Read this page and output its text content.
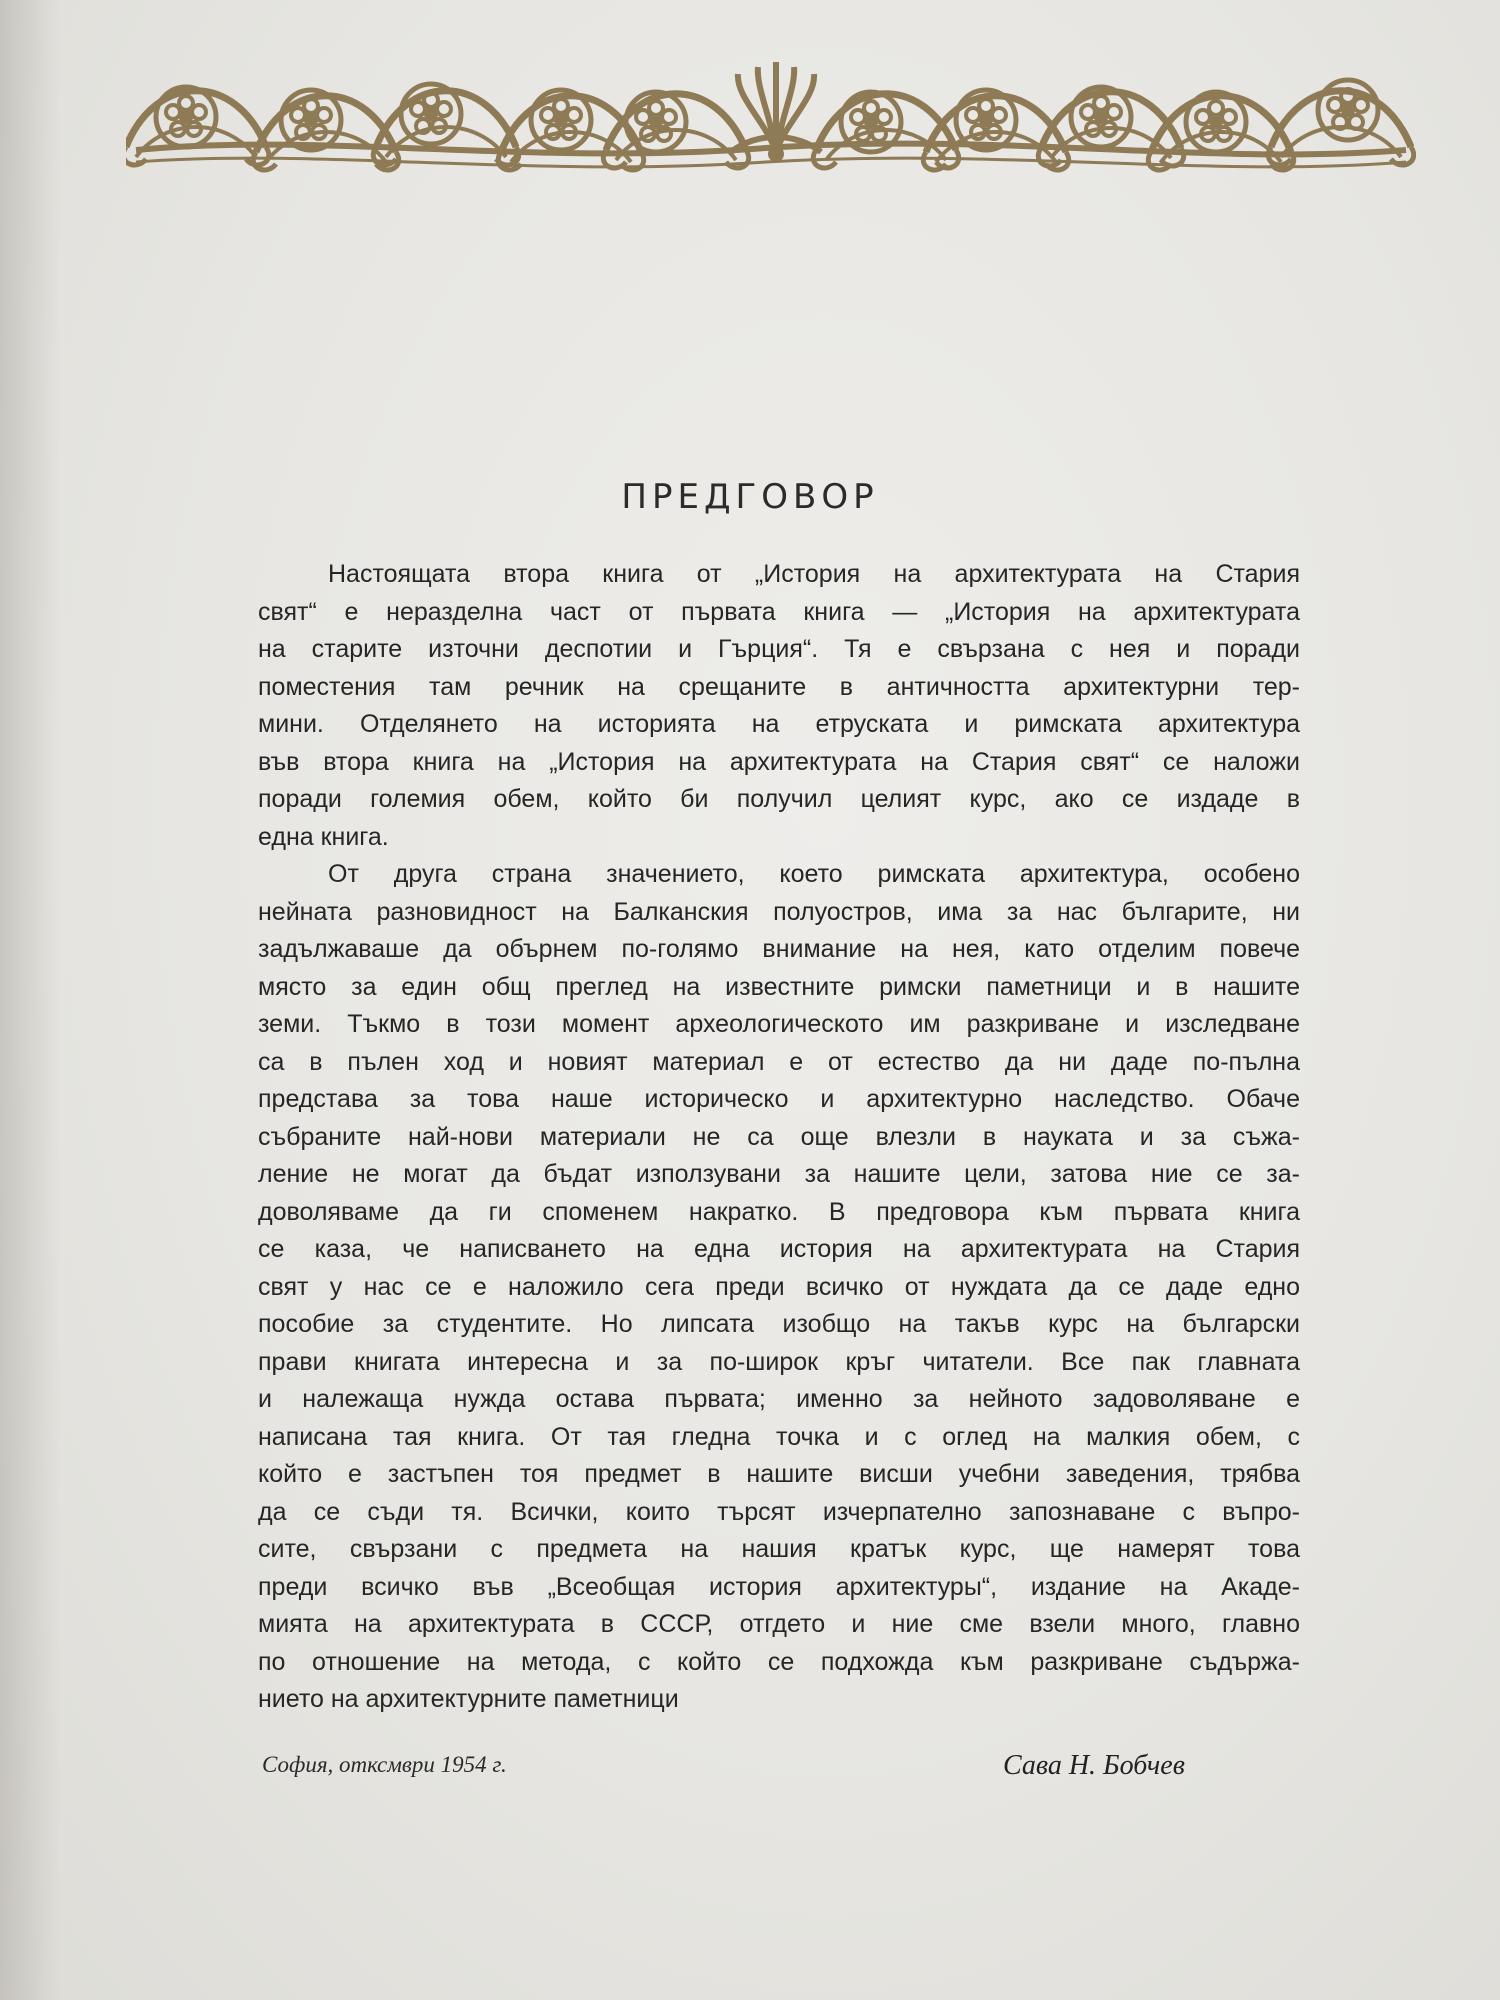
ПРЕДГОВОР
Настоящата втора книга от „История на архитектурата на Стария
свят“ е неразделна част от първата книга — „История на архитектурата
на старите източни деспотии и Гърция“. Тя е свързана с нея и поради
поместения там речник на срещаните в античността архитектурни тер-
мини. Отделянето на историята на етруската и римската архитектура
във втора книга на „История на архитектурата на Стария свят“ се наложи
поради големия обем, който би получил целият курс, ако се издаде в
една книга.
От друга страна значението, което римската архитектура, особено
нейната разновидност на Балканския полуостров, има за нас българите, ни
задължаваше да обърнем по-голямо внимание на нея, като отделим повече
място за един общ преглед на известните римски паметници и в нашите
земи. Тъкмо в този момент археологическото им разкриване и изследване
са в пълен ход и новият материал е от естество да ни даде по-пълна
представа за това наше историческо и архитектурно наследство. Обаче
събраните най-нови материали не са още влезли в науката и за съжа-
ление не могат да бъдат използувани за нашите цели, затова ние се за-
доволяваме да ги споменем накратко. В предговора към първата книга
се каза, че написването на една история на архитектурата на Стария
свят у нас се е наложило сега преди всичко от нуждата да се даде едно
пособие за студентите. Но липсата изобщо на такъв курс на български
прави книгата интересна и за по-широк кръг читатели. Все пак главната
и належаща нужда остава първата; именно за нейното задоволяване е
написана тая книга. От тая гледна точка и с оглед на малкия обем, с
който е застъпен тоя предмет в нашите висши учебни заведения, трябва
да се съди тя. Всички, които търсят изчерпателно запознаване с въпро-
сите, свързани с предмета на нашия кратък курс, ще намерят това
преди всичко във „Всеобщая история архитектуры“, издание на Акаде-
мията на архитектурата в СССР, отгдето и ние сме взели много, главно
по отношение на метода, с който се подхожда към разкриване съдържа-
нието на архитектурните паметници
София, отксмври 1954 г.	Сава Н. Бобчев
